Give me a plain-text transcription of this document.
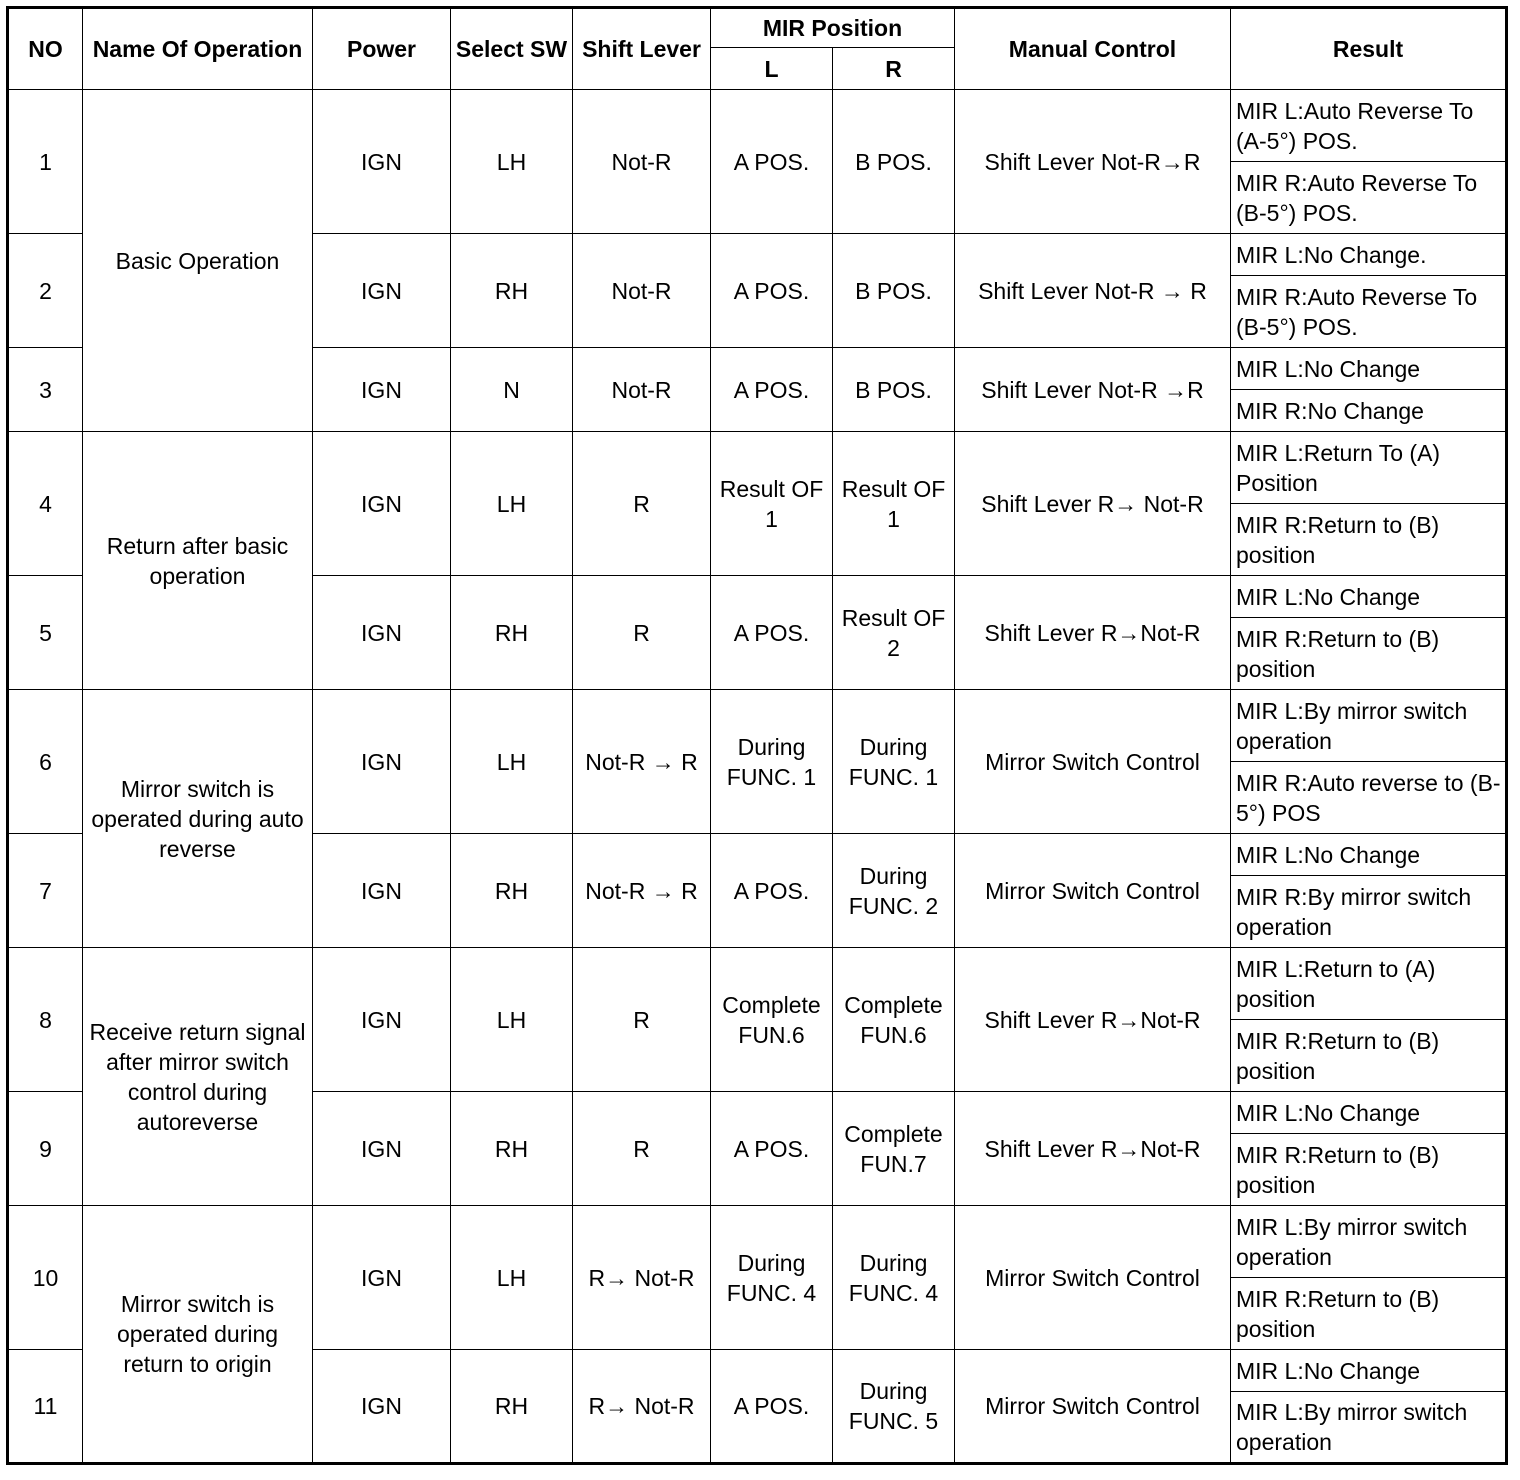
NO	Name Of Operation	Power	Select SW	Shift Lever	MIR Position		Manual Control	Result
					L	R		
1	Basic Operation	IGN	LH	Not-R	A POS.	B POS.	Shift Lever Not-R→R	MIR L:Auto Reverse To (A-5°) POS.
								MIR R:Auto Reverse To (B-5°) POS.
2		IGN	RH	Not-R	A POS.	B POS.	Shift Lever Not-R → R	MIR L:No Change.
								MIR R:Auto Reverse To (B-5°) POS.
3		IGN	N	Not-R	A POS.	B POS.	Shift Lever Not-R →R	MIR L:No Change
								MIR R:No Change
4	Return after basic operation	IGN	LH	R	Result OF 1	Result OF 1	Shift Lever R→ Not-R	MIR L:Return To (A) Position
								MIR R:Return to (B) position
5		IGN	RH	R	A POS.	Result OF 2	Shift Lever R→Not-R	MIR L:No Change
								MIR R:Return to (B) position
6	Mirror switch is operated during auto reverse	IGN	LH	Not-R → R	During FUNC. 1	During FUNC. 1	Mirror Switch Control	MIR L:By mirror switch operation
								MIR R:Auto reverse to (B-5°) POS
7		IGN	RH	Not-R → R	A POS.	During FUNC. 2	Mirror Switch Control	MIR L:No Change
								MIR R:By mirror switch operation
8	Receive return signal after mirror switch control during autoreverse	IGN	LH	R	Complete FUN.6	Complete FUN.6	Shift Lever R→Not-R	MIR L:Return to (A) position
								MIR R:Return to (B) position
9		IGN	RH	R	A POS.	Complete FUN.7	Shift Lever R→Not-R	MIR L:No Change
								MIR R:Return to (B) position
10	Mirror switch is operated during return to origin	IGN	LH	R→ Not-R	During FUNC. 4	During FUNC. 4	Mirror Switch Control	MIR L:By mirror switch operation
								MIR R:Return to (B) position
11		IGN	RH	R→ Not-R	A POS.	During FUNC. 5	Mirror Switch Control	MIR L:No Change
								MIR L:By mirror switch operation
